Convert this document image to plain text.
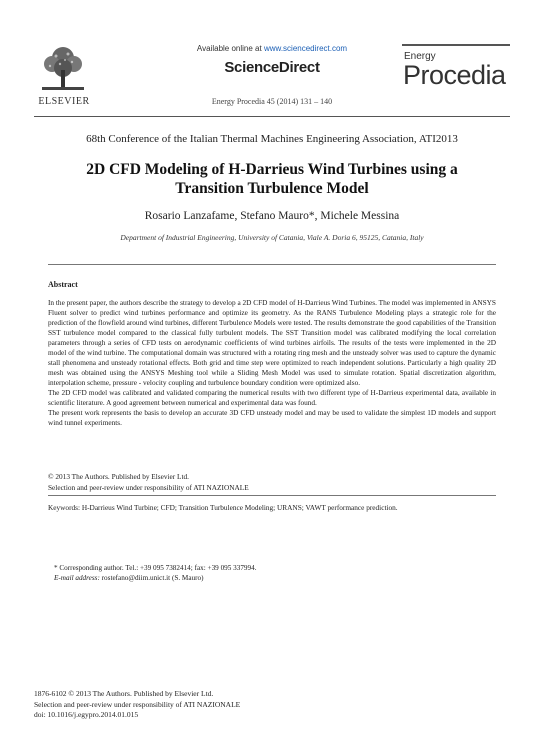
ELSEVIER
Available online at www.sciencedirect.com
ScienceDirect
Energy Procedia 45 (2014) 131 – 140
Energy
Procedia
68th Conference of the Italian Thermal Machines Engineering Association, ATI2013
2D CFD Modeling of H-Darrieus Wind Turbines using a
Transition Turbulence Model
Rosario Lanzafame, Stefano Mauro*, Michele Messina
Department of Industrial Engineering, University of Catania, Viale A. Doria 6, 95125, Catania, Italy
Abstract

In the present paper, the authors describe the strategy to develop a 2D CFD model of H-Darrieus Wind Turbines. The model was implemented in ANSYS Fluent solver to predict wind turbines performance and optimize its geometry. As the RANS Turbulence Modeling plays a strategic role for the prediction of the flowfield around wind turbines, different Turbulence Models were tested. The results demonstrate the good capabilities of the Transition SST turbulence model compared to the classical fully turbulent models. The SST Transition model was calibrated modifying the local correlation parameters through a series of CFD tests on aerodynamic coefficients of wind turbines airfoils. The results of the tests were implemented in the 2D model of the wind turbine. The computational domain was structured with a rotating ring mesh and the unsteady solver was used to capture the dynamic stall phenomena and unsteady rotational effects. Both grid and time step were optimized to reach independent solutions. Particularly a high quality 2D mesh was obtained using the ANSYS Meshing tool while a Sliding Mesh Model was used to simulate rotation. Spatial discretization algorithm, interpolation scheme, pressure - velocity coupling and turbulence boundary condition were optimized also.

The 2D CFD model was calibrated and validated comparing the numerical results with two different type of H-Darrieus experimental data, available in scientific literature. A good agreement between numerical and experimental data was found.

The present work represents the basis to develop an accurate 3D CFD unsteady model and may be used to validate the simplest 1D models and support wind tunnel experiments.

© 2013 The Authors. Published by Elsevier Ltd.
Selection and peer-review under responsibility of ATI NAZIONALE
Keywords: H-Darrieus Wind Turbine; CFD; Transition Turbulence Modeling; URANS; VAWT performance prediction.
* Corresponding author. Tel.: +39 095 7382414; fax: +39 095 337994.
E-mail address: rostefano@diim.unict.it (S. Mauro)
1876-6102 © 2013 The Authors. Published by Elsevier Ltd.
Selection and peer-review under responsibility of ATI NAZIONALE
doi: 10.1016/j.egypro.2014.01.015
